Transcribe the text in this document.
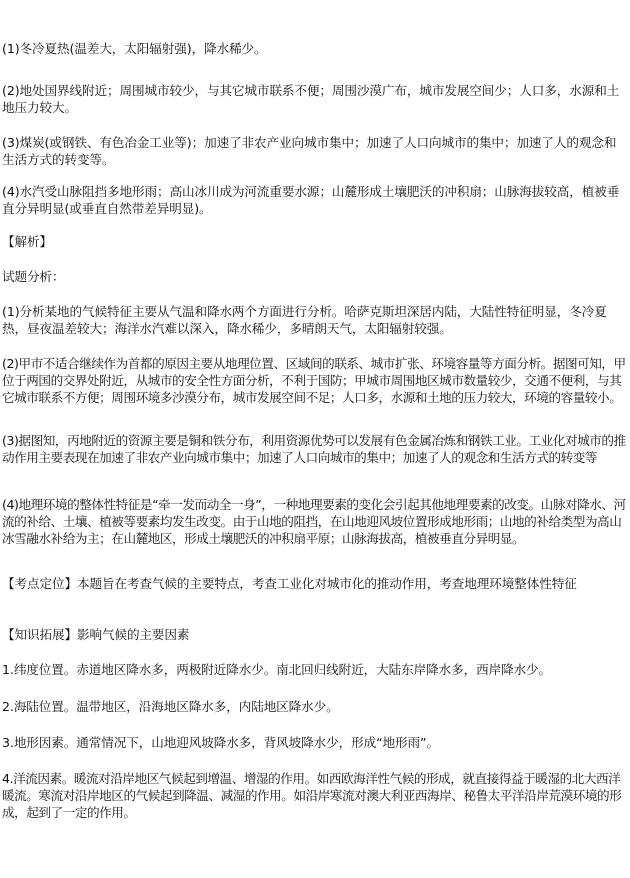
(1)冬冷夏热(温差大，太阳辐射强)，降水稀少。
(2)地处国界线附近；周围城市较少，与其它城市联系不便；周围沙漠广布，城市发展空间少；人口多，水源和土地压力较大。
(3)煤炭(或钢铁、有色冶金工业等)；加速了非农产业向城市集中；加速了人口向城市的集中；加速了人的观念和生活方式的转变等。
(4)水汽受山脉阻挡多地形雨；高山冰川成为河流重要水源；山麓形成土壤肥沃的冲积扇；山脉海拔较高，植被垂直分异明显(或垂直自然带差异明显)。
【解析】
试题分析：
(1)分析某地的气候特征主要从气温和降水两个方面进行分析。哈萨克斯坦深居内陆，大陆性特征明显，冬冷夏热，昼夜温差较大；海洋水汽难以深入，降水稀少，多晴朗天气，太阳辐射较强。
(2)甲市不适合继续作为首都的原因主要从地理位置、区域间的联系、城市扩张、环境容量等方面分析。据图可知，甲位于两国的交界处附近，从城市的安全性方面分析，不利于国防；甲城市周围地区城市数量较少，交通不便利，与其它城市联系不方便；周围环境多沙漠分布，城市发展空间不足；人口多，水源和土地的压力较大，环境的容量较小。
(3)据图知，丙地附近的资源主要是铜和铁分布，利用资源优势可以发展有色金属冶炼和钢铁工业。工业化对城市的推动作用主要表现在加速了非农产业向城市集中；加速了人口向城市的集中；加速了人的观念和生活方式的转变等
(4)地理环境的整体性特征是“牵一发而动全一身”，一种地理要素的变化会引起其他地理要素的改变。山脉对降水、河流的补给、土壤、植被等要素均发生改变。由于山地的阻挡，在山地迎风坡位置形成地形雨；山地的补给类型为高山冰雪融水补给为主；在山麓地区，形成土壤肥沃的冲积扇平原；山脉海拔高，植被垂直分异明显。
【考点定位】本题旨在考查气候的主要特点，考查工业化对城市化的推动作用，考查地理环境整体性特征
【知识拓展】影响气候的主要因素
1.纬度位置。赤道地区降水多，两极附近降水少。南北回归线附近，大陆东岸降水多，西岸降水少。
2.海陆位置。温带地区，沿海地区降水多，内陆地区降水少。
3.地形因素。通常情况下，山地迎风坡降水多，背风坡降水少，形成“地形雨”。
4.洋流因素。暖流对沿岸地区气候起到增温、增湿的作用。如西欧海洋性气候的形成，就直接得益于暖湿的北大西洋暖流。寒流对沿岸地区的气候起到降温、减湿的作用。如沿岸寒流对澳大利亚西海岸、秘鲁太平洋沿岸荒漠环境的形成，起到了一定的作用。
